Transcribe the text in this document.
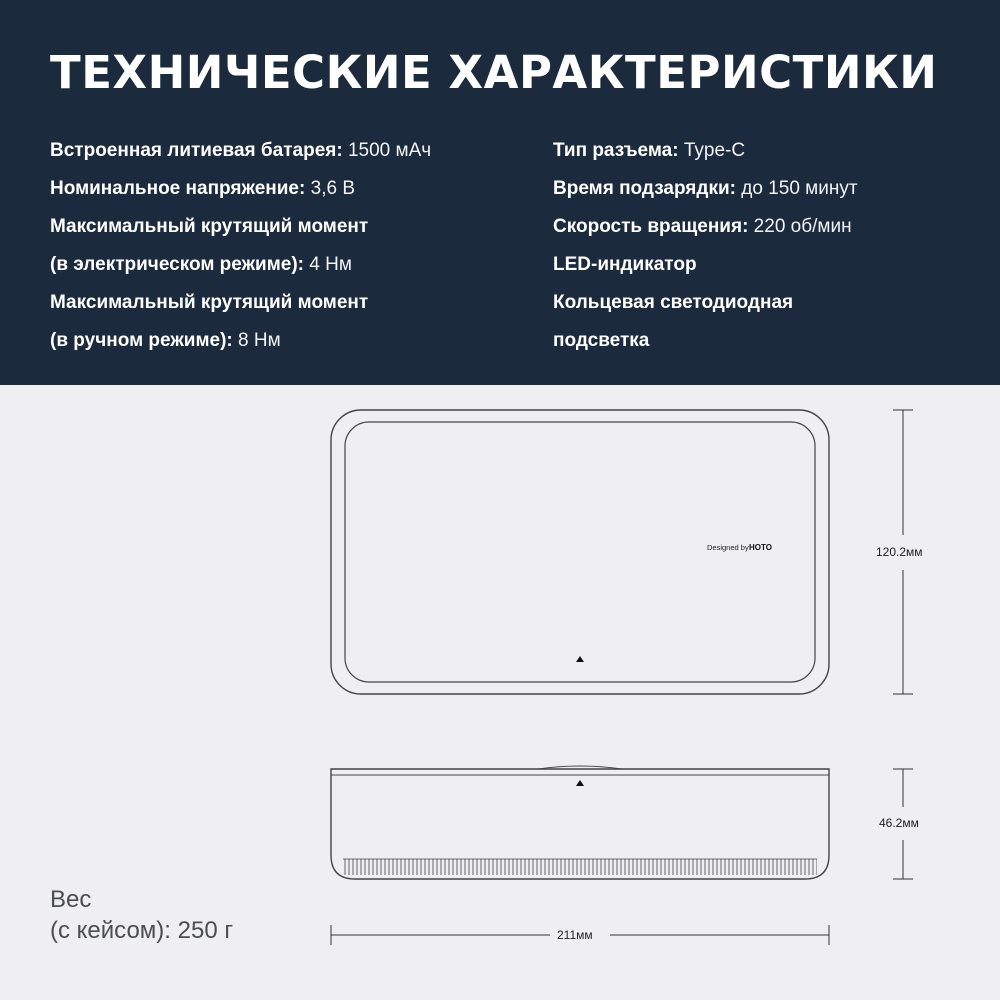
ТЕХНИЧЕСКИЕ ХАРАКТЕРИСТИКИ
Встроенная литиевая батарея: 1500 мАч
Номинальное напряжение: 3,6 В
Максимальный крутящий момент
(в электрическом режиме): 4 Нм
Максимальный крутящий момент
(в ручном режиме): 8 Нм
Тип разъема: Type-C
Время подзарядки: до 150 минут
Скорость вращения: 220 об/мин
LED-индикатор
Кольцевая светодиодная
подсветка
Designed by HOTO	120.2мм
46.2мм
211мм
Вес
(с кейсом): 250 г
